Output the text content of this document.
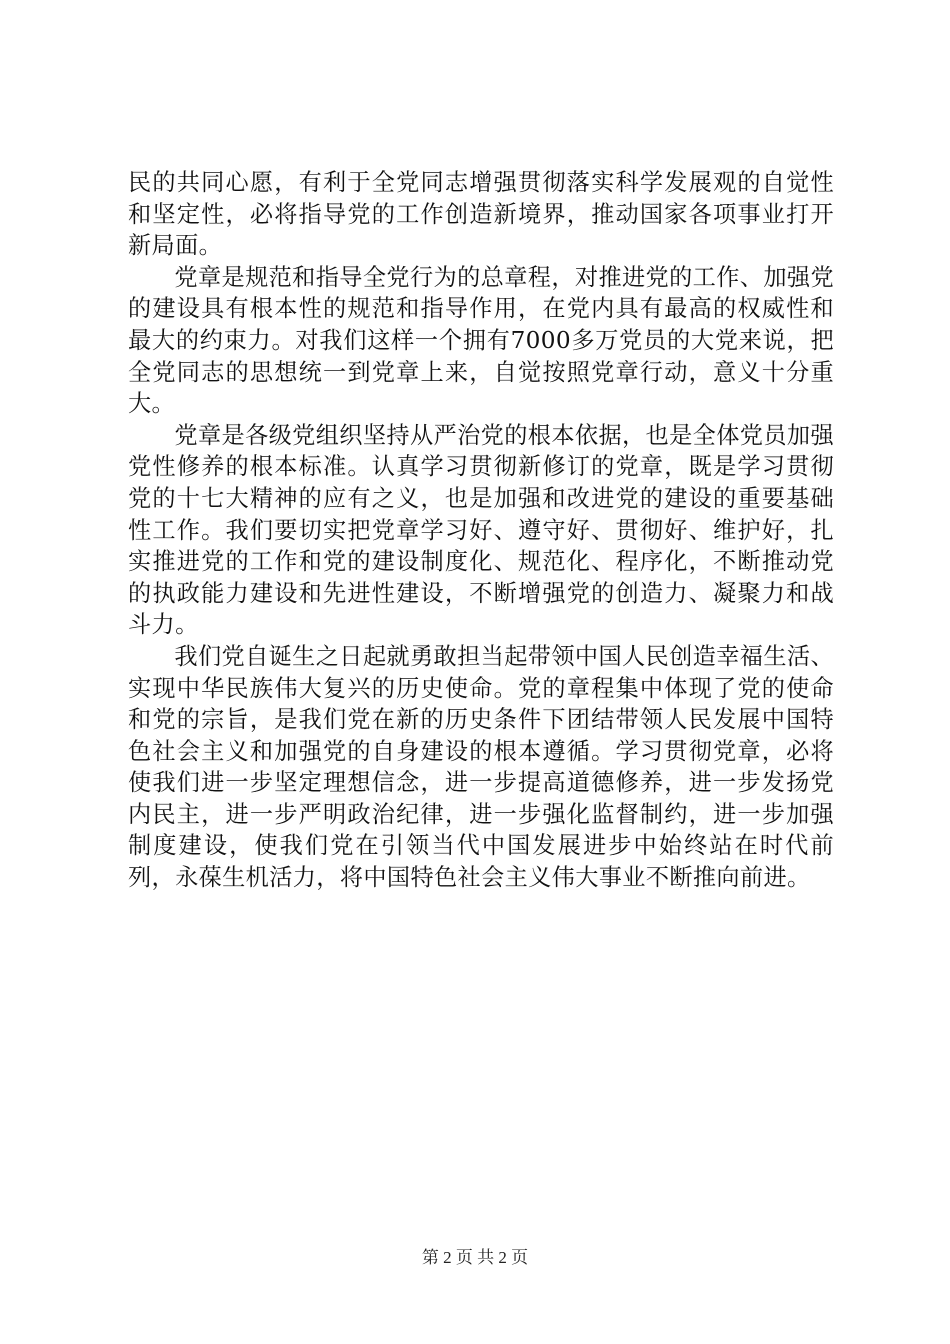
民的共同心愿，有利于全党同志增强贯彻落实科学发展观的自觉性和坚定性，必将指导党的工作创造新境界，推动国家各项事业打开新局面。

党章是规范和指导全党行为的总章程，对推进党的工作、加强党的建设具有根本性的规范和指导作用，在党内具有最高的权威性和最大的约束力。对我们这样一个拥有7000多万党员的大党来说，把全党同志的思想统一到党章上来，自觉按照党章行动，意义十分重大。

党章是各级党组织坚持从严治党的根本依据，也是全体党员加强党性修养的根本标准。认真学习贯彻新修订的党章，既是学习贯彻党的十七大精神的应有之义，也是加强和改进党的建设的重要基础性工作。我们要切实把党章学习好、遵守好、贯彻好、维护好，扎实推进党的工作和党的建设制度化、规范化、程序化，不断推动党的执政能力建设和先进性建设，不断增强党的创造力、凝聚力和战斗力。

我们党自诞生之日起就勇敢担当起带领中国人民创造幸福生活、实现中华民族伟大复兴的历史使命。党的章程集中体现了党的使命和党的宗旨，是我们党在新的历史条件下团结带领人民发展中国特色社会主义和加强党的自身建设的根本遵循。学习贯彻党章，必将使我们进一步坚定理想信念，进一步提高道德修养，进一步发扬党内民主，进一步严明政治纪律，进一步强化监督制约，进一步加强制度建设，使我们党在引领当代中国发展进步中始终站在时代前列，永葆生机活力，将中国特色社会主义伟大事业不断推向前进。

第 2 页 共 2 页
